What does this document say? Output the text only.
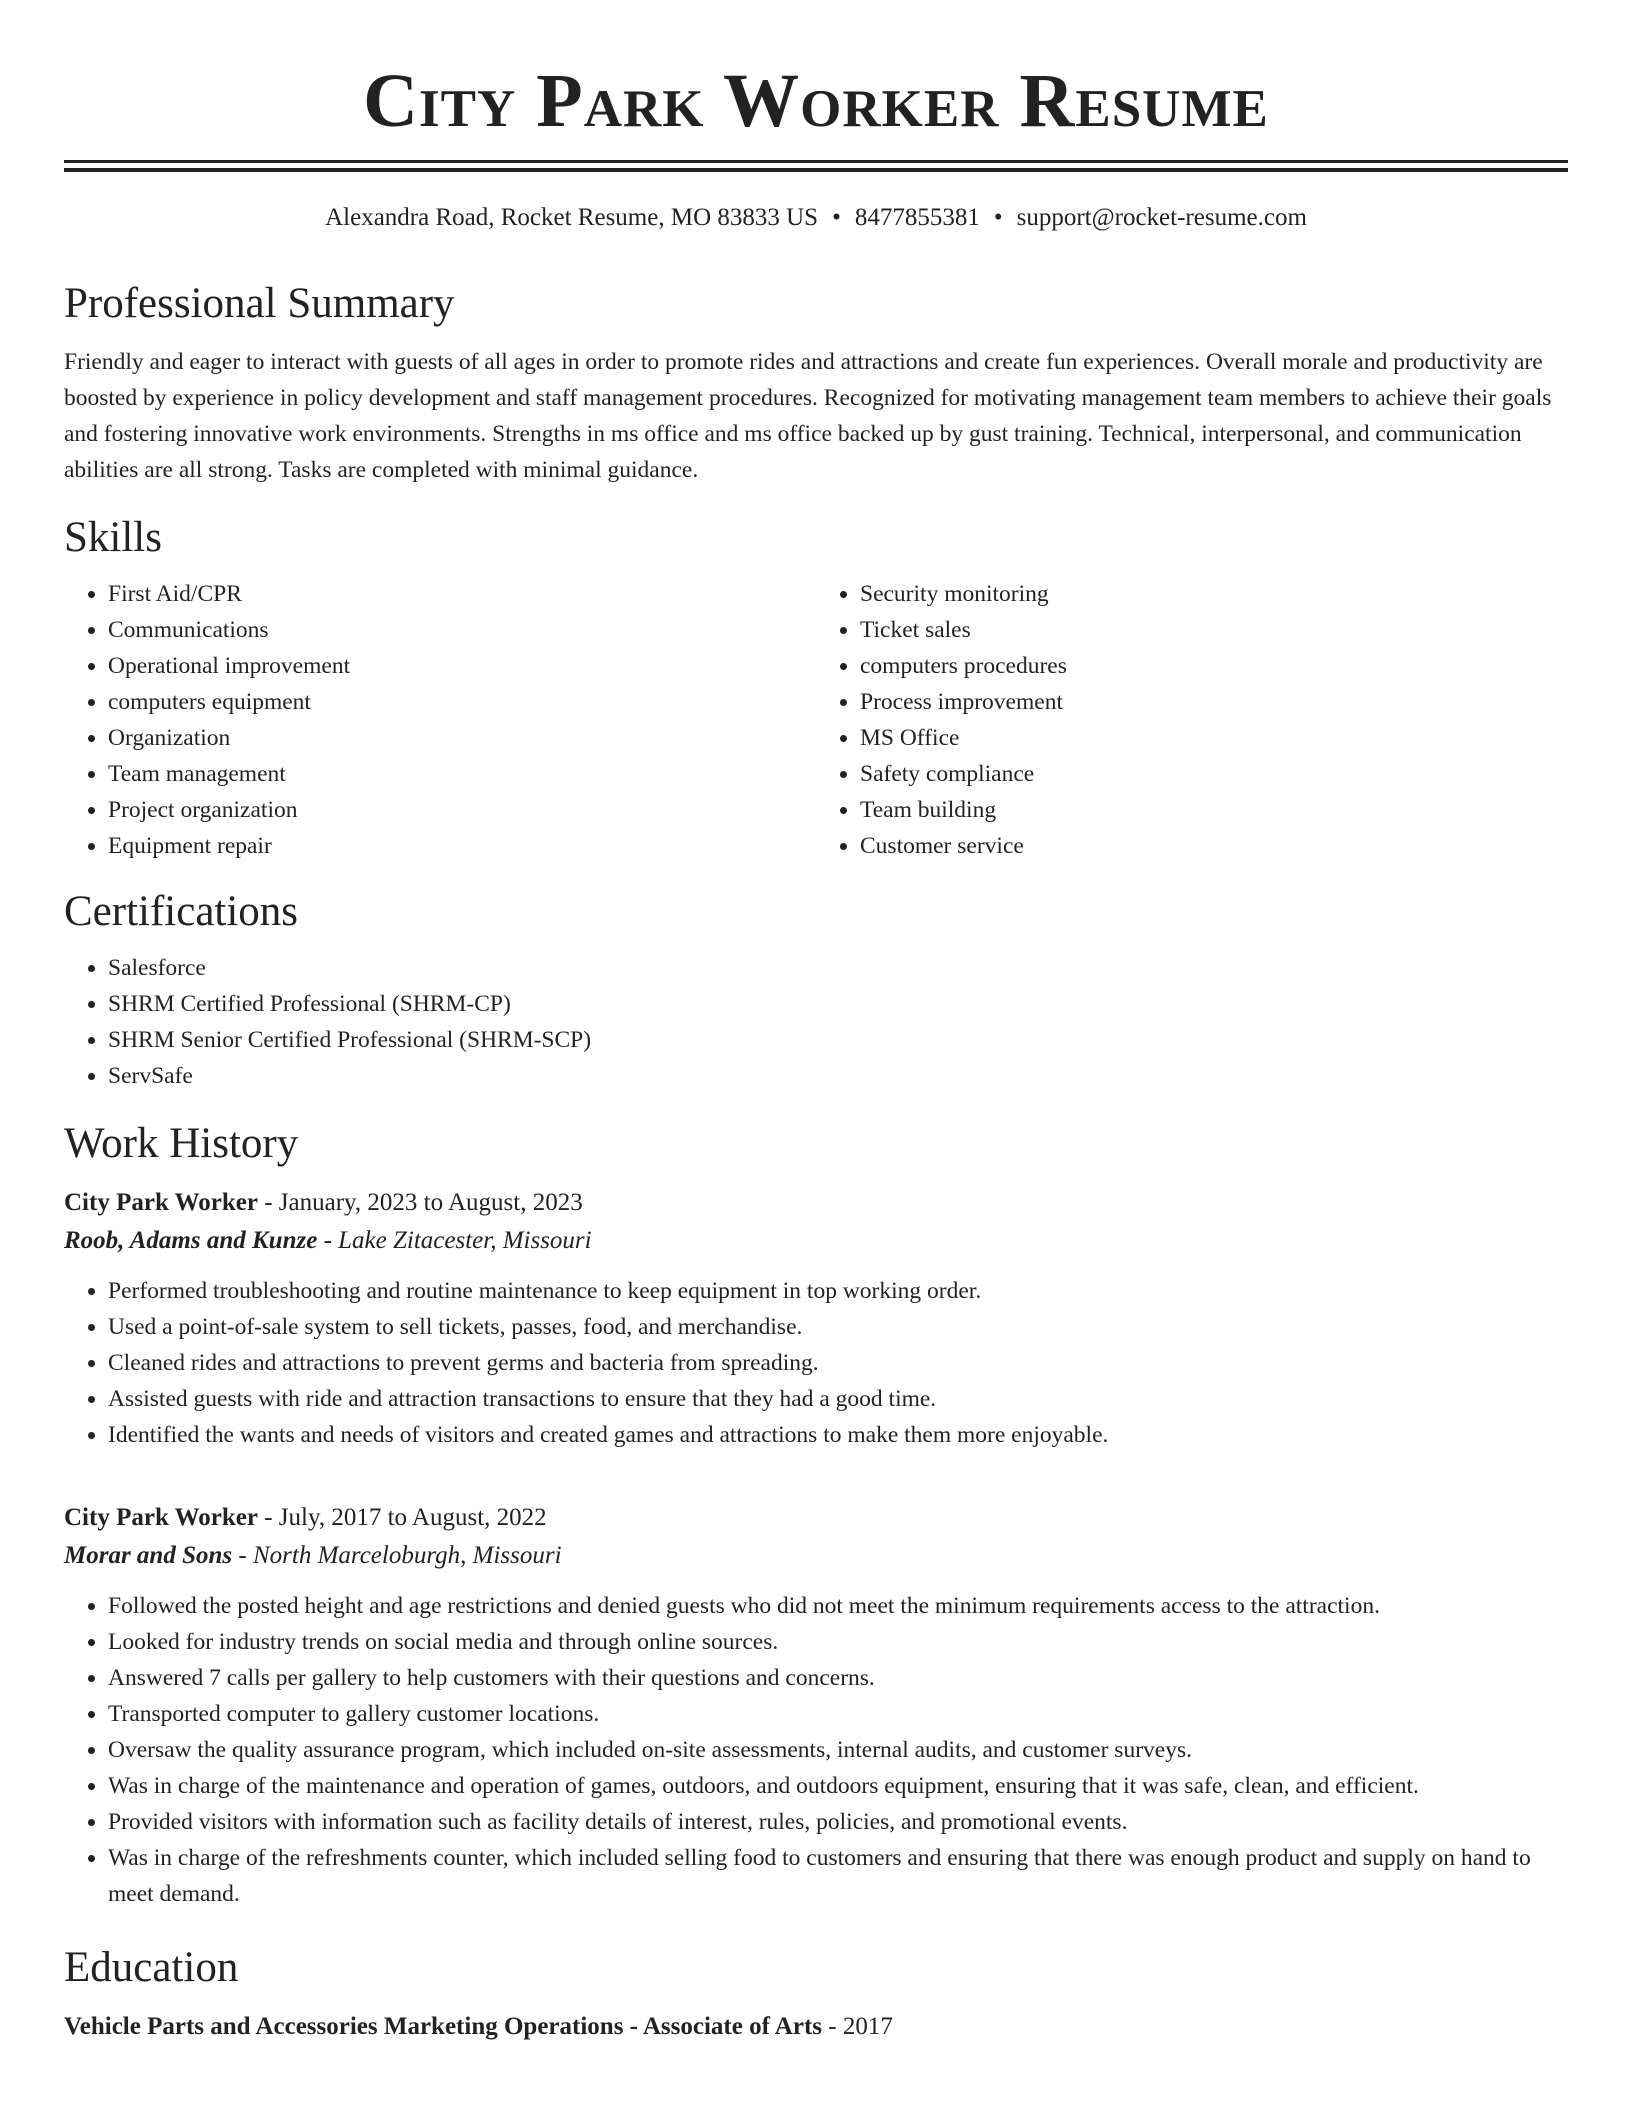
City Park Worker Resume
Alexandra Road, Rocket Resume, MO 83833 US • 8477855381 • support@rocket-resume.com
Professional Summary

Friendly and eager to interact with guests of all ages in order to promote rides and attractions and create fun experiences. Overall morale and productivity are boosted by experience in policy development and staff management procedures. Recognized for motivating management team members to achieve their goals and fostering innovative work environments. Strengths in ms office and ms office backed up by gust training. Technical, interpersonal, and communication abilities are all strong. Tasks are completed with minimal guidance.

Skills
• First Aid/CPR
• Communications
• Operational improvement
• computers equipment
• Organization
• Team management
• Project organization
• Equipment repair
• Security monitoring
• Ticket sales
• computers procedures
• Process improvement
• MS Office
• Safety compliance
• Team building
• Customer service
Certifications
• Salesforce
• SHRM Certified Professional (SHRM-CP)
• SHRM Senior Certified Professional (SHRM-SCP)
• ServSafe
Work History
City Park Worker - January, 2023 to August, 2023
Roob, Adams and Kunze - Lake Zitacester, Missouri
• Performed troubleshooting and routine maintenance to keep equipment in top working order.
• Used a point-of-sale system to sell tickets, passes, food, and merchandise.
• Cleaned rides and attractions to prevent germs and bacteria from spreading.
• Assisted guests with ride and attraction transactions to ensure that they had a good time.
• Identified the wants and needs of visitors and created games and attractions to make them more enjoyable.
City Park Worker - July, 2017 to August, 2022
Morar and Sons - North Marceloburgh, Missouri
• Followed the posted height and age restrictions and denied guests who did not meet the minimum requirements access to the attraction.
• Looked for industry trends on social media and through online sources.
• Answered 7 calls per gallery to help customers with their questions and concerns.
• Transported computer to gallery customer locations.
• Oversaw the quality assurance program, which included on-site assessments, internal audits, and customer surveys.
• Was in charge of the maintenance and operation of games, outdoors, and outdoors equipment, ensuring that it was safe, clean, and efficient.
• Provided visitors with information such as facility details of interest, rules, policies, and promotional events.
• Was in charge of the refreshments counter, which included selling food to customers and ensuring that there was enough product and supply on hand to meet demand.
Education
Vehicle Parts and Accessories Marketing Operations - Associate of Arts - 2017
